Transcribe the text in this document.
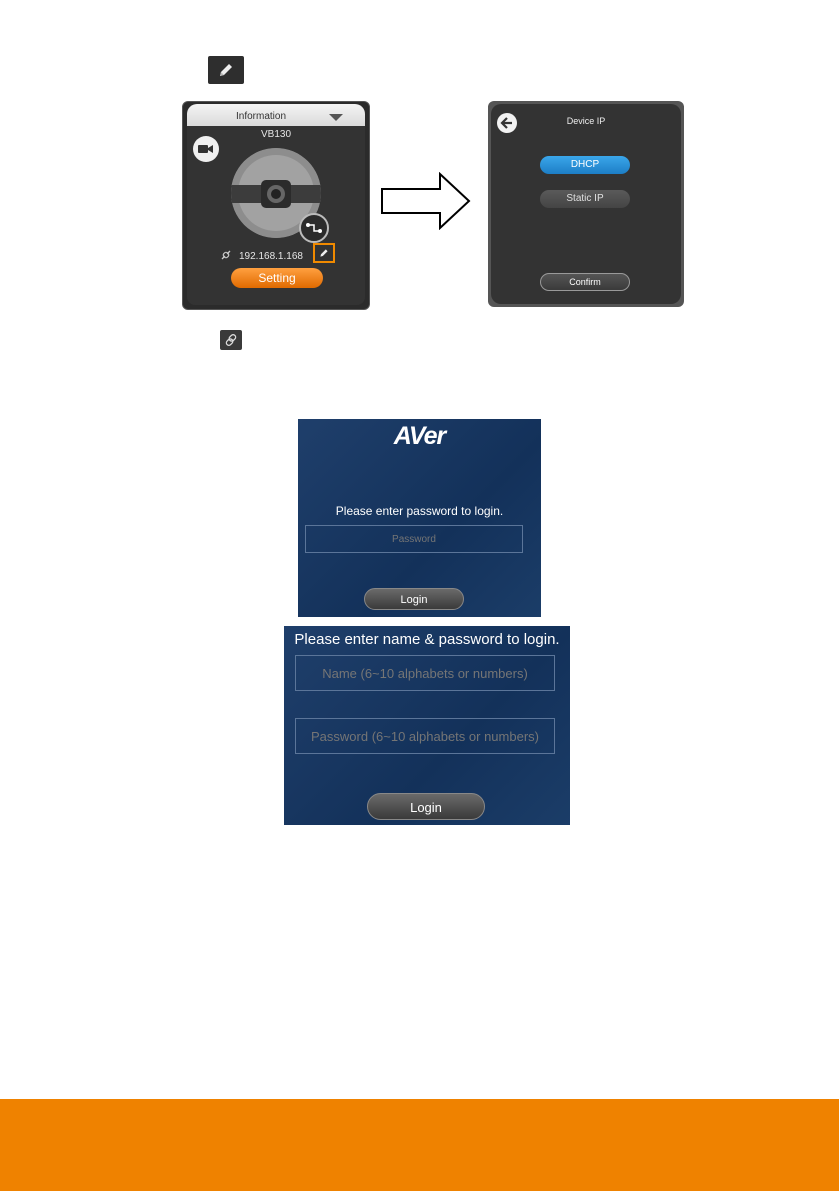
Information
VB130
192.168.1.168
Setting
Device IP
DHCP
Static IP
Confirm
AVer
Please enter password to login.
Password
Login
Please enter name & password to login.
Name (6~10 alphabets or numbers)
Password (6~10 alphabets or numbers)
Login
